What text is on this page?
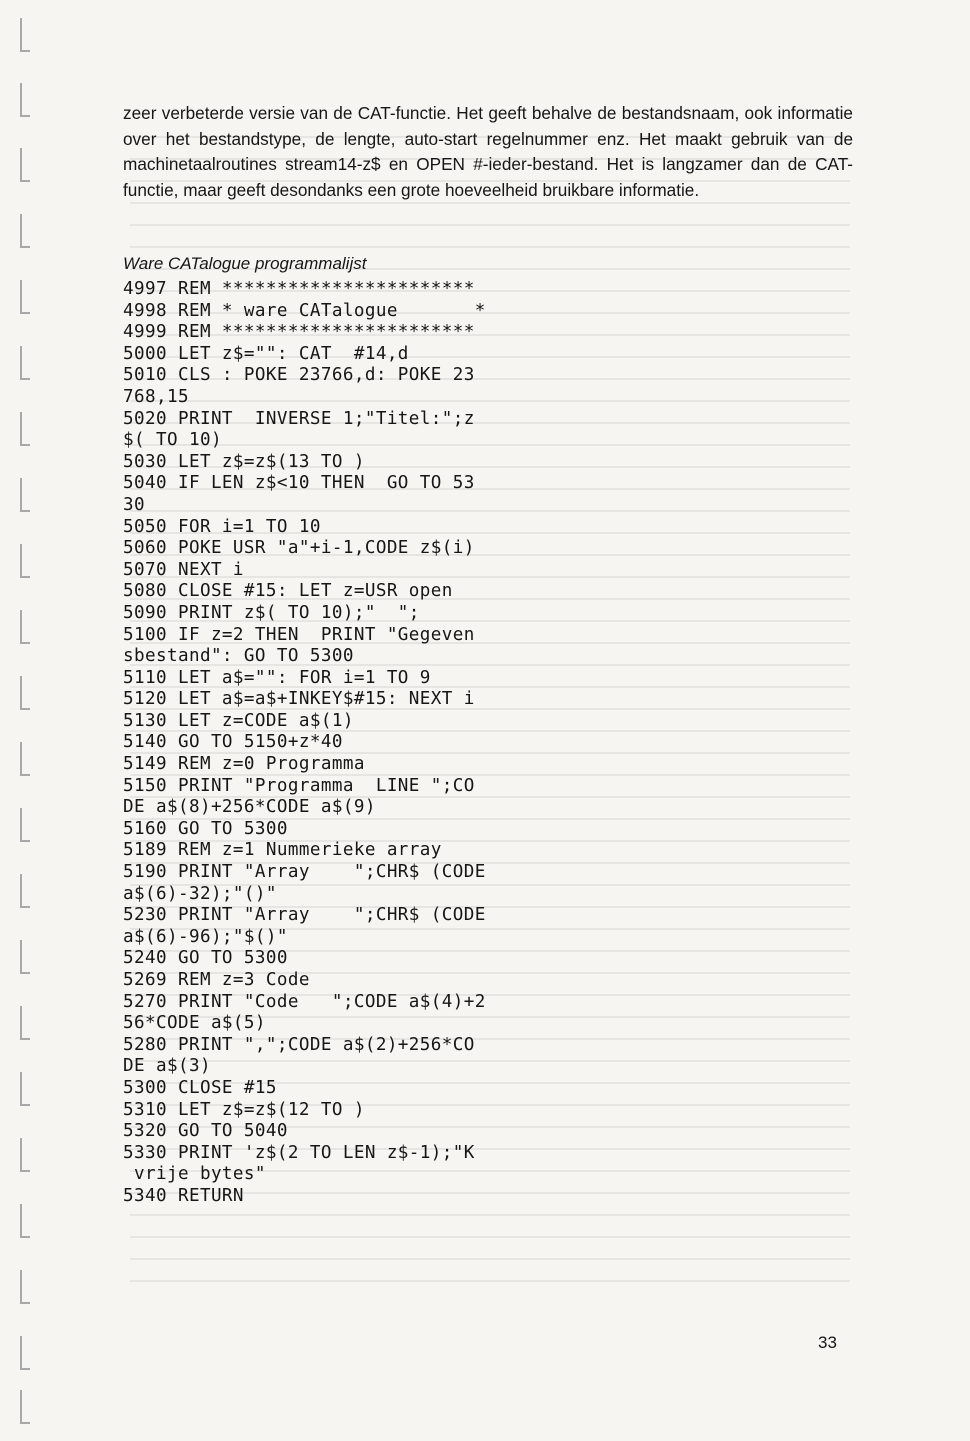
zeer verbeterde versie van de CAT-functie. Het geeft behalve de bestandsnaam, ook informatie over het bestandstype, de lengte, auto-start regelnummer enz. Het maakt gebruik van de machinetaalroutines stream14-z$ en OPEN #-ieder-bestand. Het is langzamer dan de CAT-functie, maar geeft desondanks een grote hoeveelheid bruikbare informatie.

Ware CATalogue programmalijst

4997 REM ***********************
4998 REM * ware CATalogue       *
4999 REM ***********************
5000 LET z$="": CAT  #14,d
5010 CLS : POKE 23766,d: POKE 23
768,15
5020 PRINT  INVERSE 1;"Titel:";z
$( TO 10)
5030 LET z$=z$(13 TO )
5040 IF LEN z$<10 THEN  GO TO 53
30
5050 FOR i=1 TO 10
5060 POKE USR "a"+i-1,CODE z$(i)
5070 NEXT i
5080 CLOSE #15: LET z=USR open
5090 PRINT z$( TO 10);"  ";
5100 IF z=2 THEN  PRINT "Gegeven
sbestand": GO TO 5300
5110 LET a$="": FOR i=1 TO 9
5120 LET a$=a$+INKEY$#15: NEXT i
5130 LET z=CODE a$(1)
5140 GO TO 5150+z*40
5149 REM z=0 Programma
5150 PRINT "Programma  LINE ";CO
DE a$(8)+256*CODE a$(9)
5160 GO TO 5300
5189 REM z=1 Nummerieke array
5190 PRINT "Array    ";CHR$ (CODE
a$(6)-32);"()"
5230 PRINT "Array    ";CHR$ (CODE
a$(6)-96);"$()"
5240 GO TO 5300
5269 REM z=3 Code
5270 PRINT "Code   ";CODE a$(4)+2
56*CODE a$(5)
5280 PRINT ",";CODE a$(2)+256*CO
DE a$(3)
5300 CLOSE #15
5310 LET z$=z$(12 TO )
5320 GO TO 5040
5330 PRINT 'z$(2 TO LEN z$-1);"K
vrije bytes"
5340 RETURN

33
